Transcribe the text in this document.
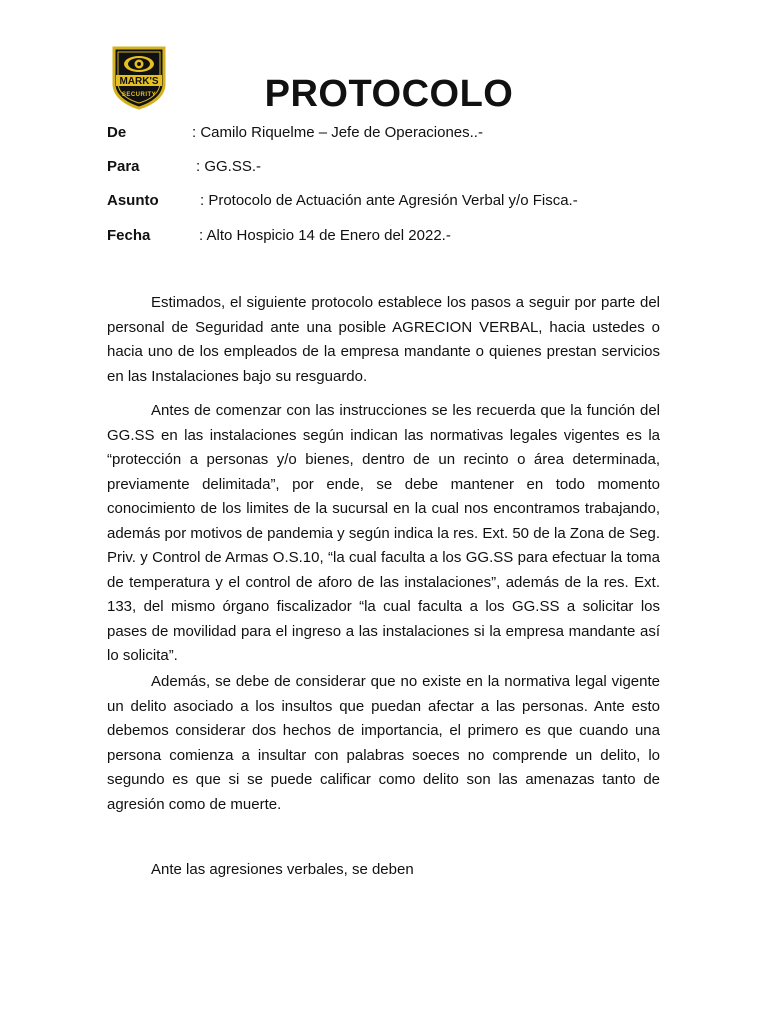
MARK'S
SECURITY	PROTOCOLO
De	: Camilo Riquelme – Jefe de Operaciones..-
Para	: GG.SS.-
Asunto	: Protocolo de Actuación ante Agresión Verbal y/o Fisca.-
Fecha	: Alto Hospicio 14 de Enero del 2022.-

Estimados, el siguiente protocolo establece los pasos a seguir por parte del personal de Seguridad ante una posible AGRECION VERBAL, hacia ustedes o hacia uno de los empleados de la empresa mandante o quienes prestan servicios en las Instalaciones bajo su resguardo.

Antes de comenzar con las instrucciones se les recuerda que la función del GG.SS en las instalaciones según indican las normativas legales vigentes es la “protección a personas y/o bienes, dentro de un recinto o área determinada, previamente delimitada”, por ende, se debe mantener en todo momento conocimiento de los limites de la sucursal en la cual nos encontramos trabajando, además por motivos de pandemia y según indica la res. Ext. 50 de la Zona de Seg. Priv. y Control de Armas O.S.10, “la cual faculta a los GG.SS para efectuar la toma de temperatura y el control de aforo de las instalaciones”, además de la res. Ext. 133, del mismo órgano fiscalizador “la cual faculta a los GG.SS a solicitar los pases de movilidad para el ingreso a las instalaciones si la empresa mandante así lo solicita”.

Además, se debe de considerar que no existe en la normativa legal vigente un delito asociado a los insultos que puedan afectar a las personas. Ante esto debemos considerar dos hechos de importancia, el primero es que cuando una persona comienza a insultar con palabras soeces no comprende un delito, lo segundo es que si se puede calificar como delito son las amenazas tanto de agresión como de muerte.

Ante las agresiones verbales, se deben
